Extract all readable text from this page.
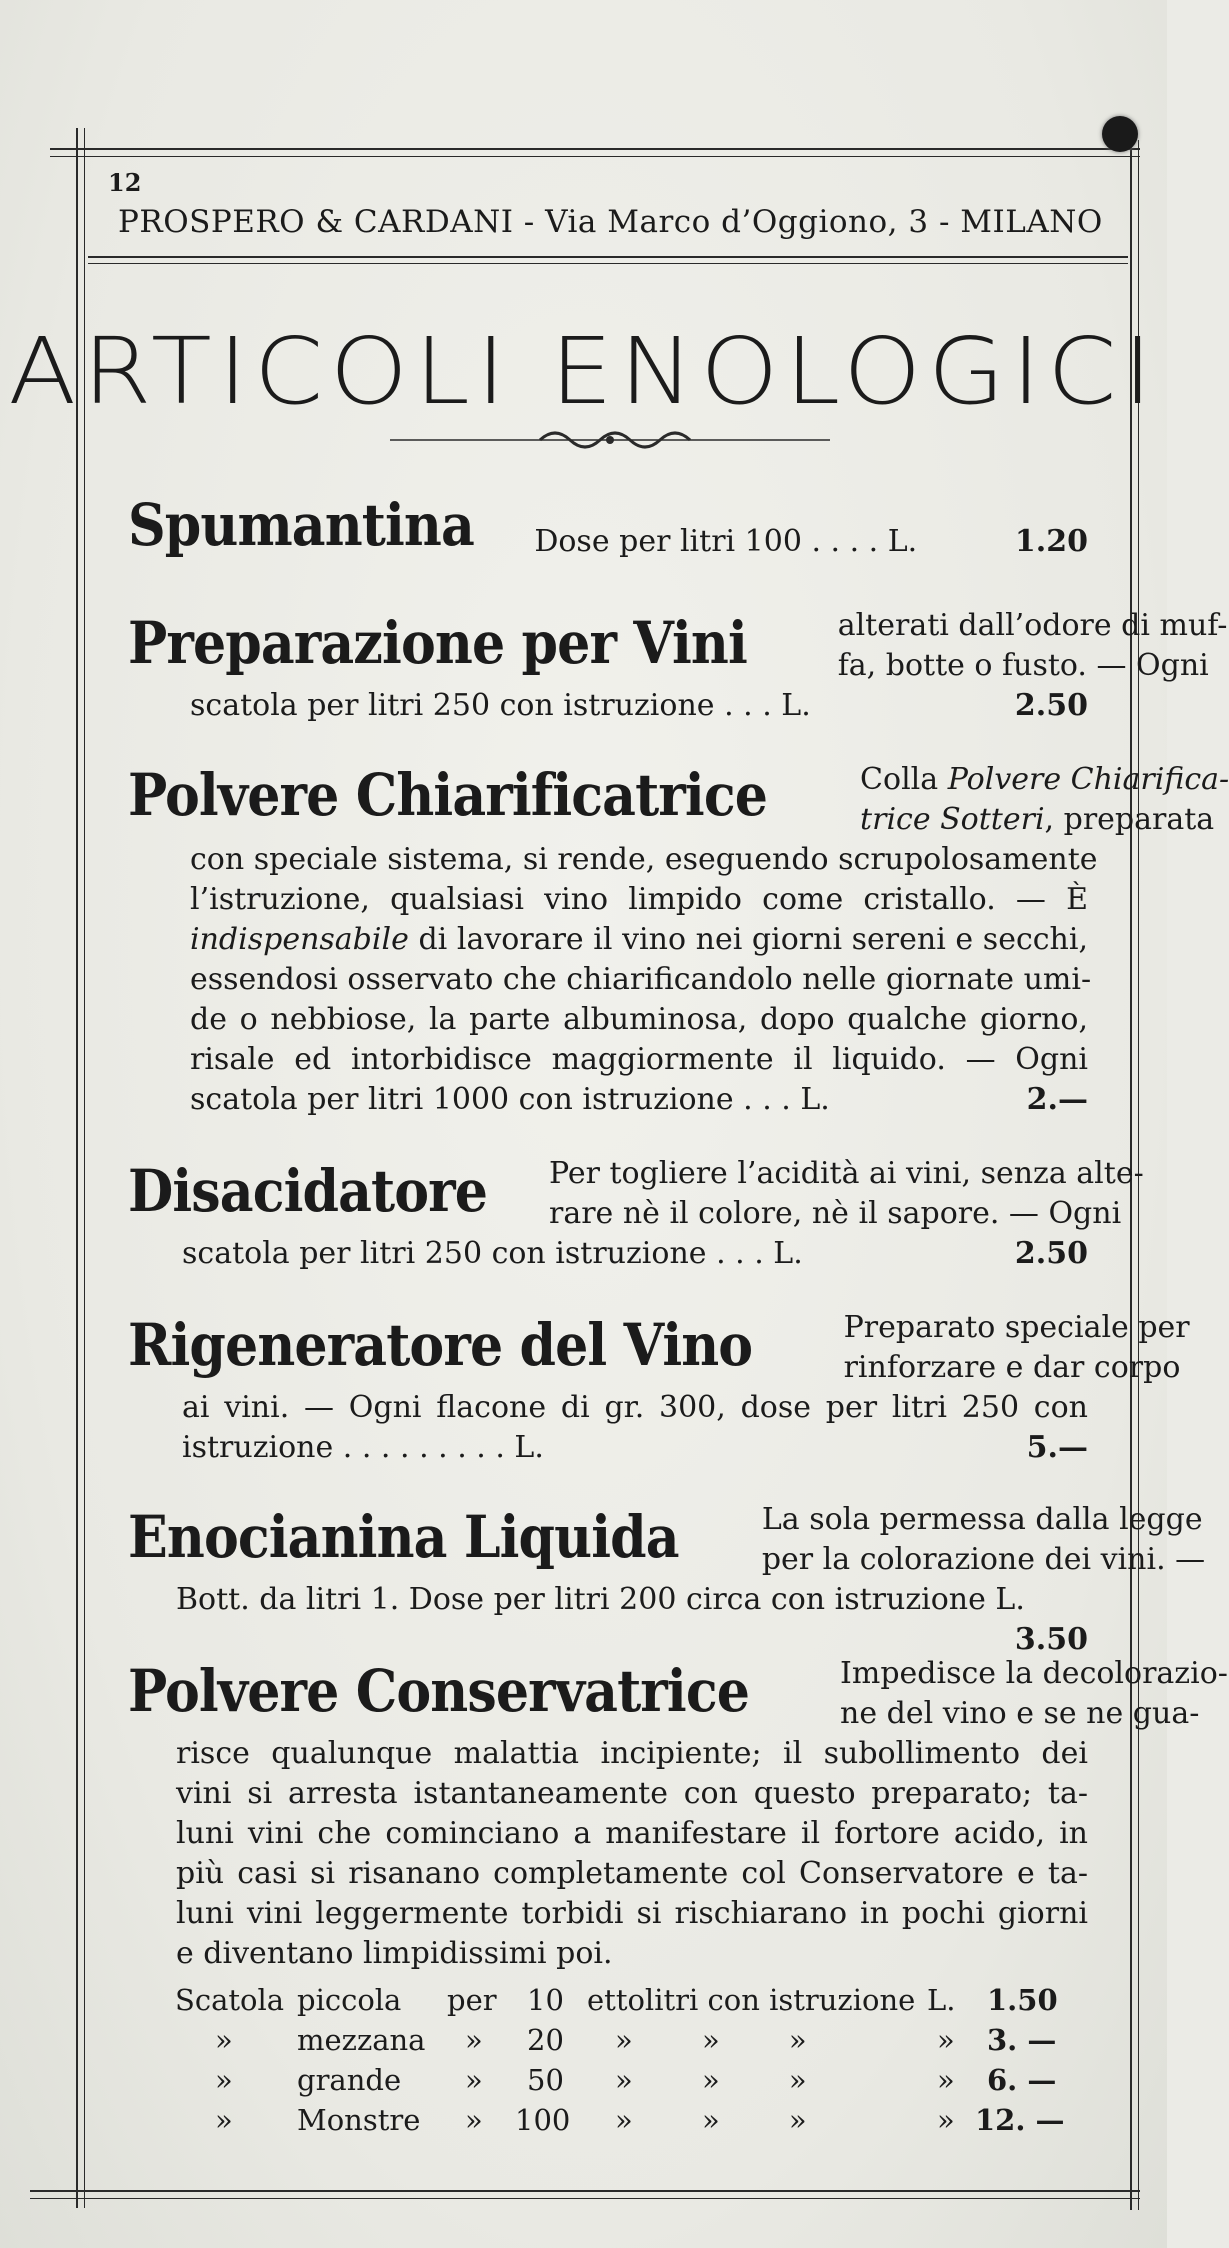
12
PROSPERO & CARDANI - Via Marco d’Oggiono, 3 - MILANO
ARTICOLI ENOLOGICI
Spumantina	Dose per litri 100 . . . . L.	1.20
Preparazione per Vini	alterati dall’odore di muf-
fa, botte o fusto. — Ogni
scatola per litri 250 con istruzione . . . L.	2.50
Polvere Chiarificatrice	Colla Polvere Chiarifica-
trice Sotteri, preparata
con speciale sistema, si rende, eseguendo scrupolosamente
l’istruzione, qualsiasi vino limpido come cristallo. — È
indispensabile di lavorare il vino nei giorni sereni e secchi,
essendosi osservato che chiarificandolo nelle giornate umi-
de o nebbiose, la parte albuminosa, dopo qualche giorno,
risale ed intorbidisce maggiormente il liquido. — Ogni
scatola per litri 1000 con istruzione . . . L.	2.—
Disacidatore	Per togliere l’acidità ai vini, senza alte-
rare nè il colore, nè il sapore. — Ogni
scatola per litri 250 con istruzione . . . L.	2.50
Rigeneratore del Vino	Preparato speciale per
rinforzare e dar corpo
ai vini. — Ogni flacone di gr. 300, dose per litri 250 con
istruzione . . . . . . . . . L.	5.—
Enocianina Liquida	La sola permessa dalla legge
per la colorazione dei vini. —
Bott. da litri 1. Dose per litri 200 circa con istruzione L.
3.50
Polvere Conservatrice	Impedisce la decolorazio-
ne del vino e se ne gua-
risce qualunque malattia incipiente; il subollimento dei
vini si arresta istantaneamente con questo preparato; ta-
luni vini che cominciano a manifestare il fortore acido, in
più casi si risanano completamente col Conservatore e ta-
luni vini leggermente torbidi si rischiarano in pochi giorni
e diventano limpidissimi poi.
Scatola piccola per 10 ettolitri con istruzione L. 1.50
» mezzana » 20 » » »	» 3. —
» grande » 50 » » »	» 6. —
» Monstre » 100 » » »	» 12. —
